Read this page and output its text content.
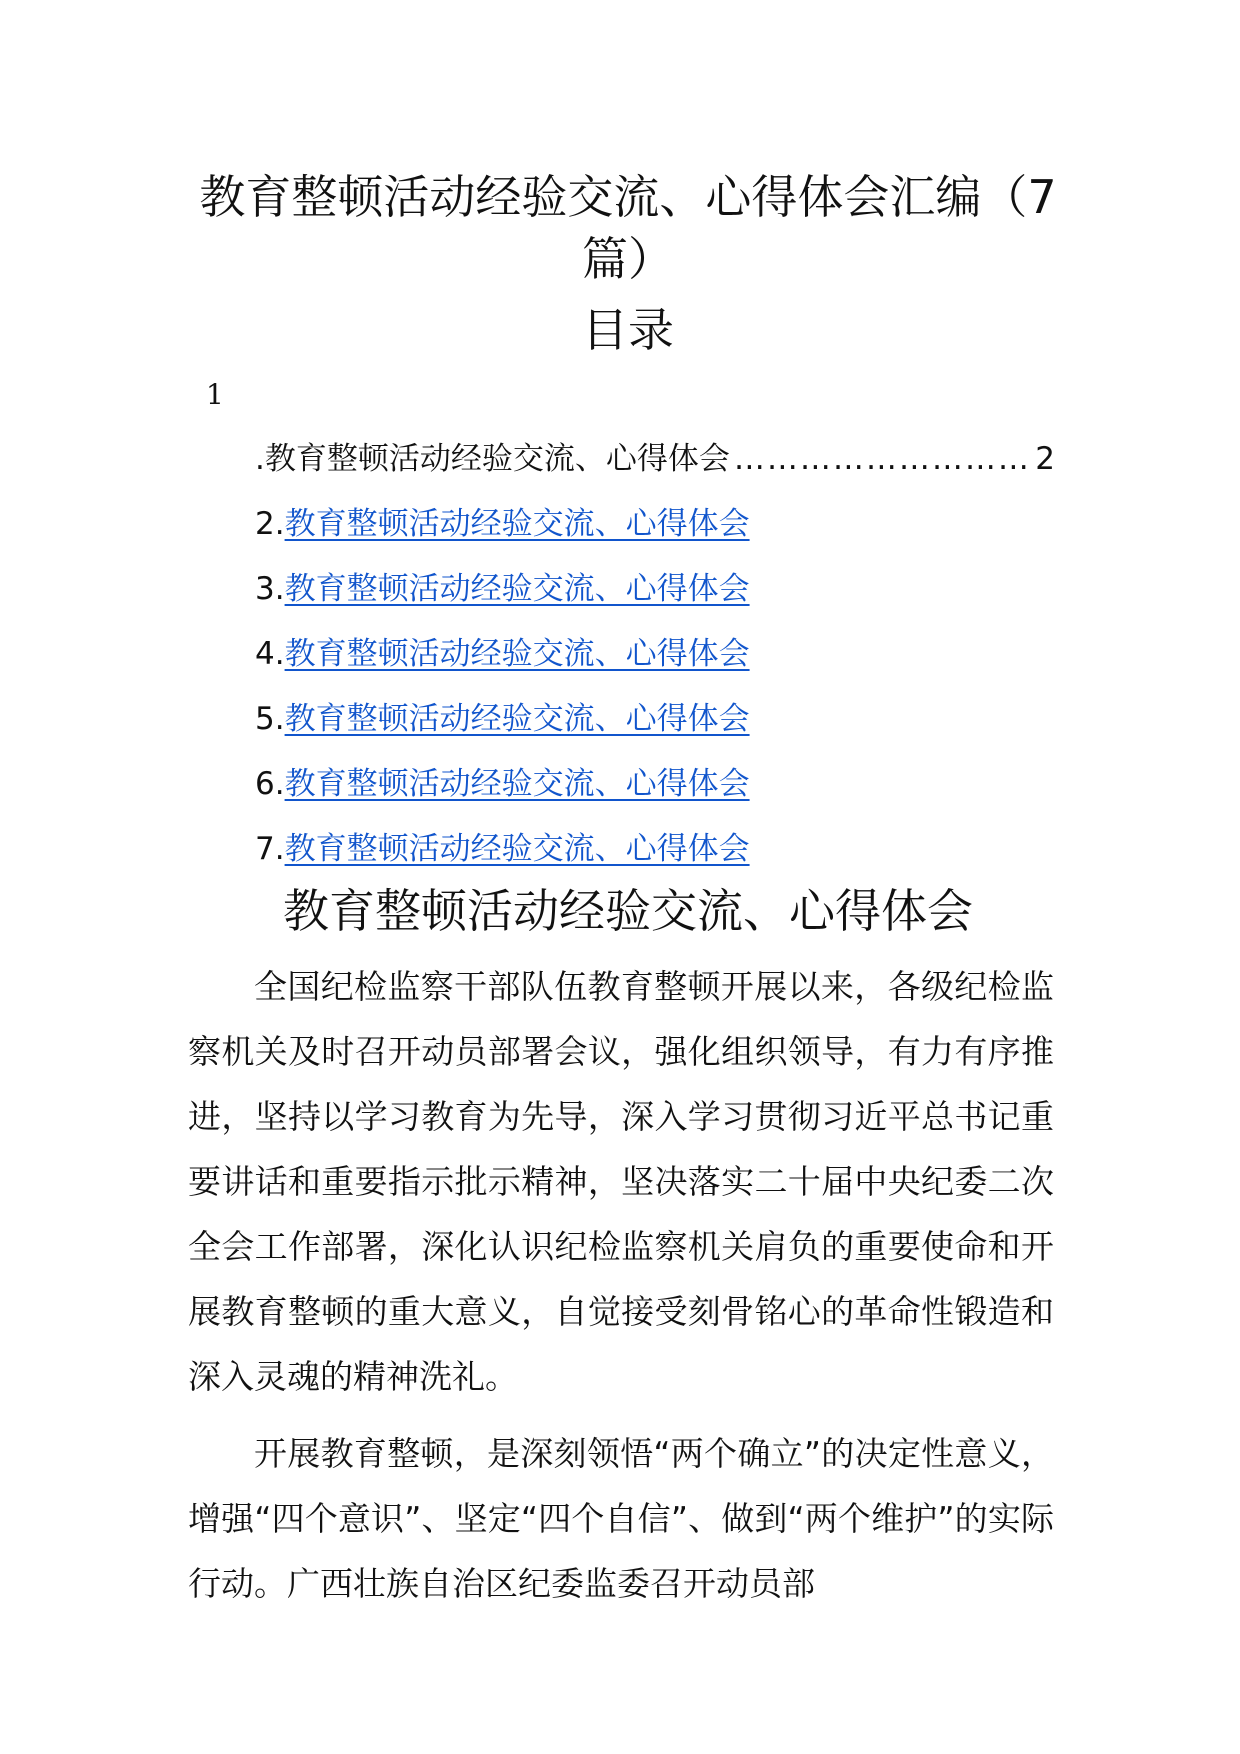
教育整顿活动经验交流、心得体会汇编（7篇）
目录
1
. 教育整顿活动经验交流、心得体会 ……………………… 2
2. 教育整顿活动经验交流、心得体会
3. 教育整顿活动经验交流、心得体会
4. 教育整顿活动经验交流、心得体会
5. 教育整顿活动经验交流、心得体会
6. 教育整顿活动经验交流、心得体会
7. 教育整顿活动经验交流、心得体会
教育整顿活动经验交流、心得体会

全国纪检监察干部队伍教育整顿开展以来，各级纪检监察机关及时召开动员部署会议，强化组织领导，有力有序推进，坚持以学习教育为先导，深入学习贯彻习近平总书记重要讲话和重要指示批示精神，坚决落实二十届中央纪委二次全会工作部署，深化认识纪检监察机关肩负的重要使命和开展教育整顿的重大意义，自觉接受刻骨铭心的革命性锻造和深入灵魂的精神洗礼。

开展教育整顿，是深刻领悟“两个确立”的决定性意义，增强“四个意识”、坚定“四个自信”、做到“两个维护”的实际行动。广西壮族自治区纪委监委召开动员部
